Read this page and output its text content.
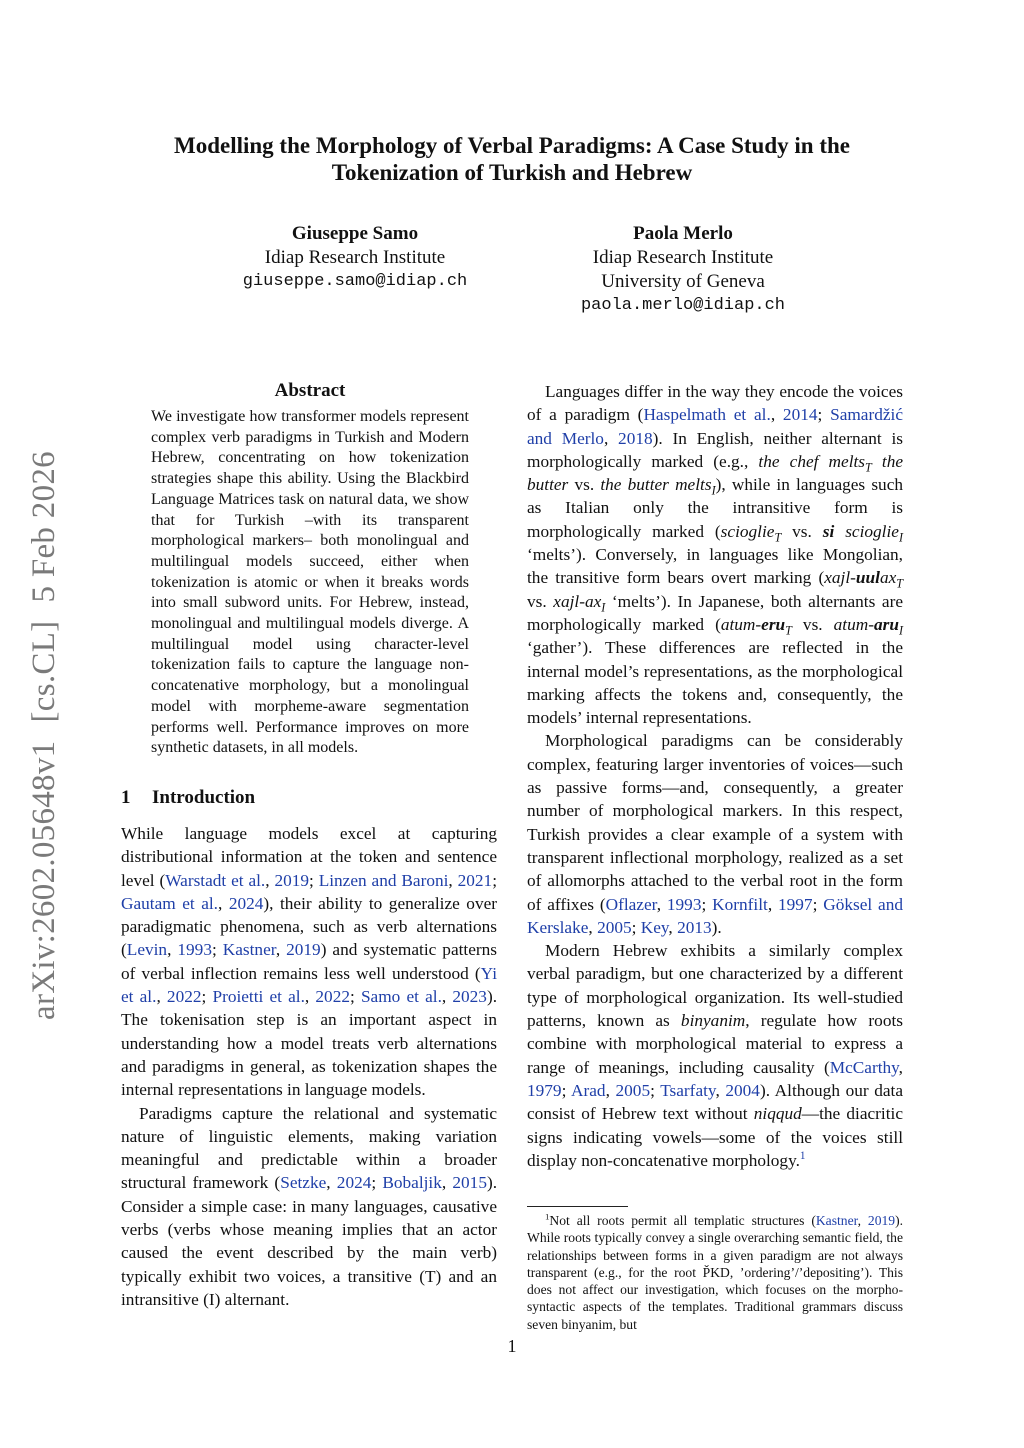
arXiv:2602.05648v1
[cs.CL]
5 Feb 2026
Modelling the Morphology of Verbal Paradigms: A Case Study in the
Tokenization of Turkish and Hebrew
Giuseppe Samo
Idiap Research Institute
giuseppe.samo@idiap.ch
Paola Merlo
Idiap Research Institute
University of Geneva
paola.merlo@idiap.ch
Abstract
We investigate how transformer models represent complex verb paradigms in Turkish and Modern Hebrew, concentrating on how tokenization strategies shape this ability. Using the Blackbird Language Matrices task on natural data, we show that for Turkish –with its transparent morphological markers– both monolingual and multilingual models succeed, either when tokenization is atomic or when it breaks words into small subword units. For Hebrew, instead, monolingual and multilingual models diverge. A multilingual model using character-level tokenization fails to capture the language non-concatenative morphology, but a monolingual model with morpheme-aware segmentation performs well. Performance improves on more synthetic datasets, in all models.
1 Introduction

While language models excel at capturing distributional information at the token and sentence level (Warstadt et al., 2019; Linzen and Baroni, 2021; Gautam et al., 2024), their ability to generalize over paradigmatic phenomena, such as verb alternations (Levin, 1993; Kastner, 2019) and systematic patterns of verbal inflection remains less well understood (Yi et al., 2022; Proietti et al., 2022; Samo et al., 2023). The tokenisation step is an important aspect in understanding how a model treats verb alternations and paradigms in general, as tokenization shapes the internal representations in language models.

Paradigms capture the relational and systematic nature of linguistic elements, making variation meaningful and predictable within a broader structural framework (Setzke, 2024; Bobaljik, 2015). Consider a simple case: in many languages, causative verbs (verbs whose meaning implies that an actor caused the event described by the main verb) typically exhibit two voices, a transitive (T) and an intransitive (I) alternant.

Languages differ in the way they encode the voices of a paradigm (Haspelmath et al., 2014; Samardžić and Merlo, 2018). In English, neither alternant is morphologically marked (e.g., the chef melts$_T$ the butter vs. the butter melts$_I$), while in languages such as Italian only the intransitive form is morphologically marked (scioglie$_T$ vs. si scioglie$_I$ ‘melts’). Conversely, in languages like Mongolian, the transitive form bears overt marking (xajl-uulax$_T$ vs. xajl-$ax_I$ ‘melts’). In Japanese, both alternants are morphologically marked (atum-eru$_T$ vs. atum-aru$_I$ ‘gather’). These differences are reflected in the internal model’s representations, as the morphological marking affects the tokens and, consequently, the models’ internal representations.

Morphological paradigms can be considerably complex, featuring larger inventories of voices—such as passive forms—and, consequently, a greater number of morphological markers. In this respect, Turkish provides a clear example of a system with transparent inflectional morphology, realized as a set of allomorphs attached to the verbal root in the form of affixes (Oflazer, 1993; Kornfilt, 1997; Göksel and Kerslake, 2005; Key, 2013).

Modern Hebrew exhibits a similarly complex verbal paradigm, but one characterized by a different type of morphological organization. Its well-studied patterns, known as binyanim, regulate how roots combine with morphological material to express a range of meanings, including causality (McCarthy, 1979; Arad, 2005; Tsarfaty, 2004). Although our data consist of Hebrew text without niqqud—the diacritic signs indicating vowels—some of the voices still display non-concatenative morphology.$^1$

$^1$Not all roots permit all templatic structures (Kastner, 2019). While roots typically convey a single overarching semantic field, the relationships between forms in a given paradigm are not always transparent (e.g., for the root P̌KD, ’ordering’/’depositing’). This does not affect our investigation, which focuses on the morpho-syntactic aspects of the templates. Traditional grammars discuss seven binyanim, but

1
